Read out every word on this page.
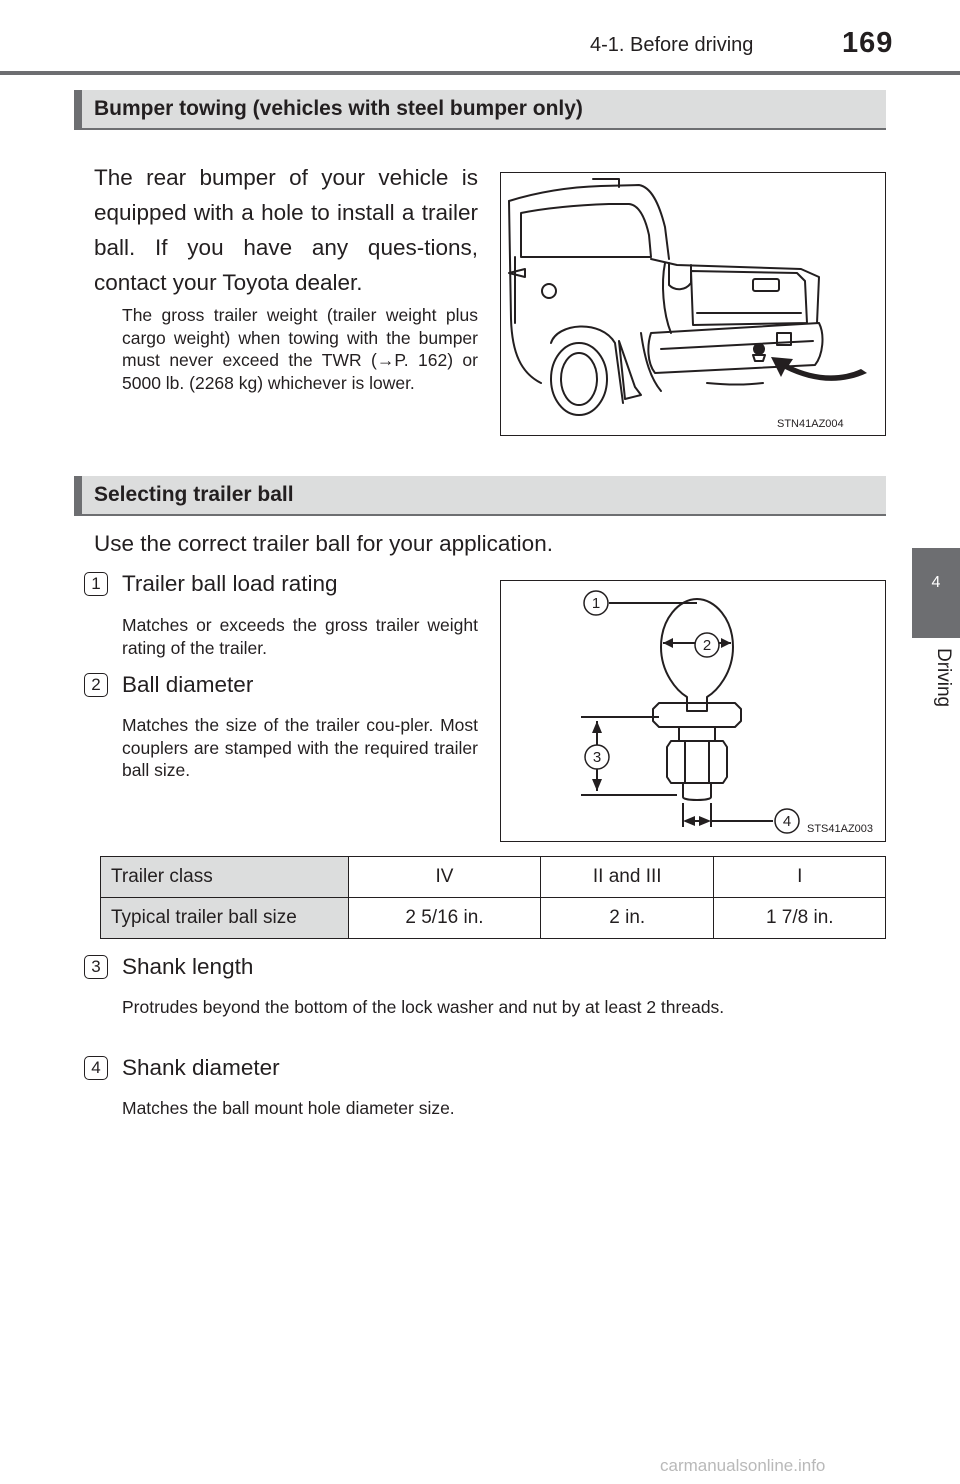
4-1. Before driving	169
4
Driving
Bumper towing (vehicles with steel bumper only)
The rear bumper of your vehicle is equipped with a hole to install a trailer ball. If you have any ques-tions, contact your Toyota dealer.
The gross trailer weight (trailer weight plus cargo weight) when towing with the bumper must never exceed the TWR (→P. 162) or 5000 lb. (2268 kg) whichever is lower.
STN41AZ004
Selecting trailer ball
Use the correct trailer ball for your application.
1 Trailer ball load rating
Matches or exceeds the gross trailer weight rating of the trailer.
2 Ball diameter
Matches the size of the trailer cou-pler. Most couplers are stamped with the required trailer ball size.
1
2
3
4 STS41AZ003
Trailer class	IV	II and III	I
Typical trailer ball size	2 5/16 in.	2 in.	1 7/8 in.
3 Shank length
Protrudes beyond the bottom of the lock washer and nut by at least 2 threads.
4 Shank diameter
Matches the ball mount hole diameter size.
carmanualsonline.info
